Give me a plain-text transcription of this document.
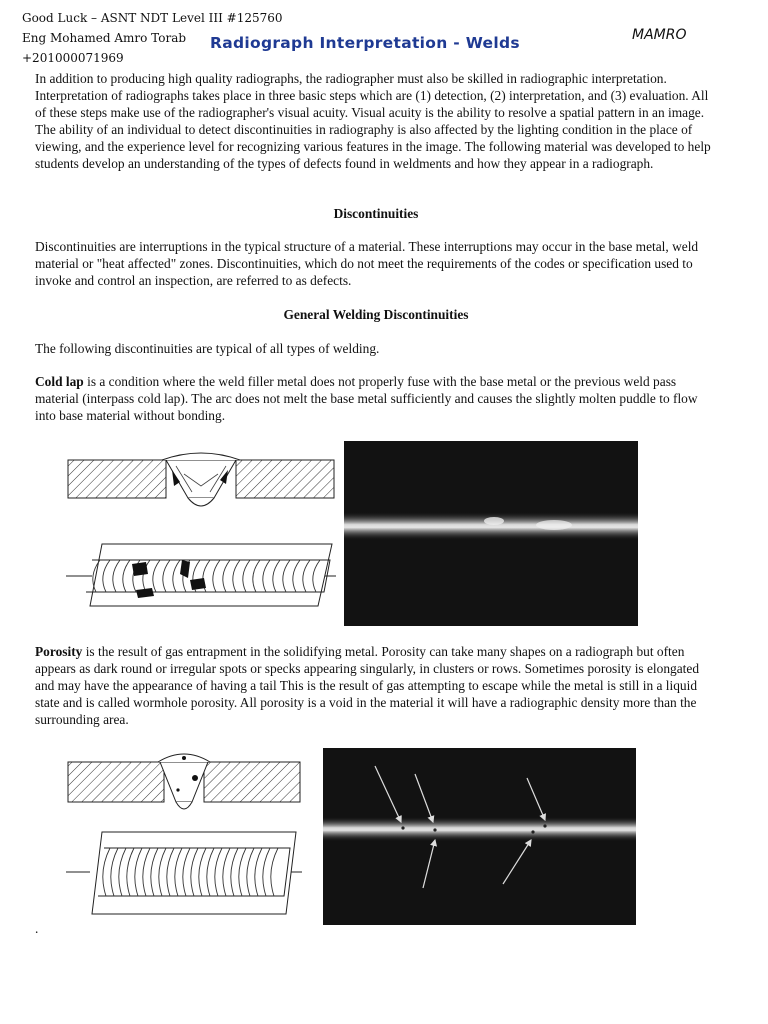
Good Luck – ASNT NDT Level III #125760
Eng Mohamed Amro Torab
+201000071969
Radiograph Interpretation - Welds	MAMRO

In addition to producing high quality radiographs, the radiographer must also be skilled in radiographic interpretation. Interpretation of radiographs takes place in three basic steps which are (1) detection, (2) interpretation, and (3) evaluation. All of these steps make use of the radiographer's visual acuity. Visual acuity is the ability to resolve a spatial pattern in an image. The ability of an individual to detect discontinuities in radiography is also affected by the lighting condition in the place of viewing, and the experience level for recognizing various features in the image. The following material was developed to help students develop an understanding of the types of defects found in weldments and how they appear in a radiograph.

Discontinuities

Discontinuities are interruptions in the typical structure of a material. These interruptions may occur in the base metal, weld material or "heat affected" zones. Discontinuities, which do not meet the requirements of the codes or specification used to invoke and control an inspection, are referred to as defects.

General Welding Discontinuities

The following discontinuities are typical of all types of welding.

Cold lap is a condition where the weld filler metal does not properly fuse with the base metal or the previous weld pass material (interpass cold lap). The arc does not melt the base metal sufficiently and causes the slightly molten puddle to flow into base material without bonding.

Porosity is the result of gas entrapment in the solidifying metal. Porosity can take many shapes on a radiograph but often appears as dark round or irregular spots or specks appearing singularly, in clusters or rows. Sometimes porosity is elongated and may have the appearance of having a tail This is the result of gas attempting to escape while the metal is still in a liquid state and is called wormhole porosity. All porosity is a void in the material it will have a radiographic density more than the surrounding area.

.
